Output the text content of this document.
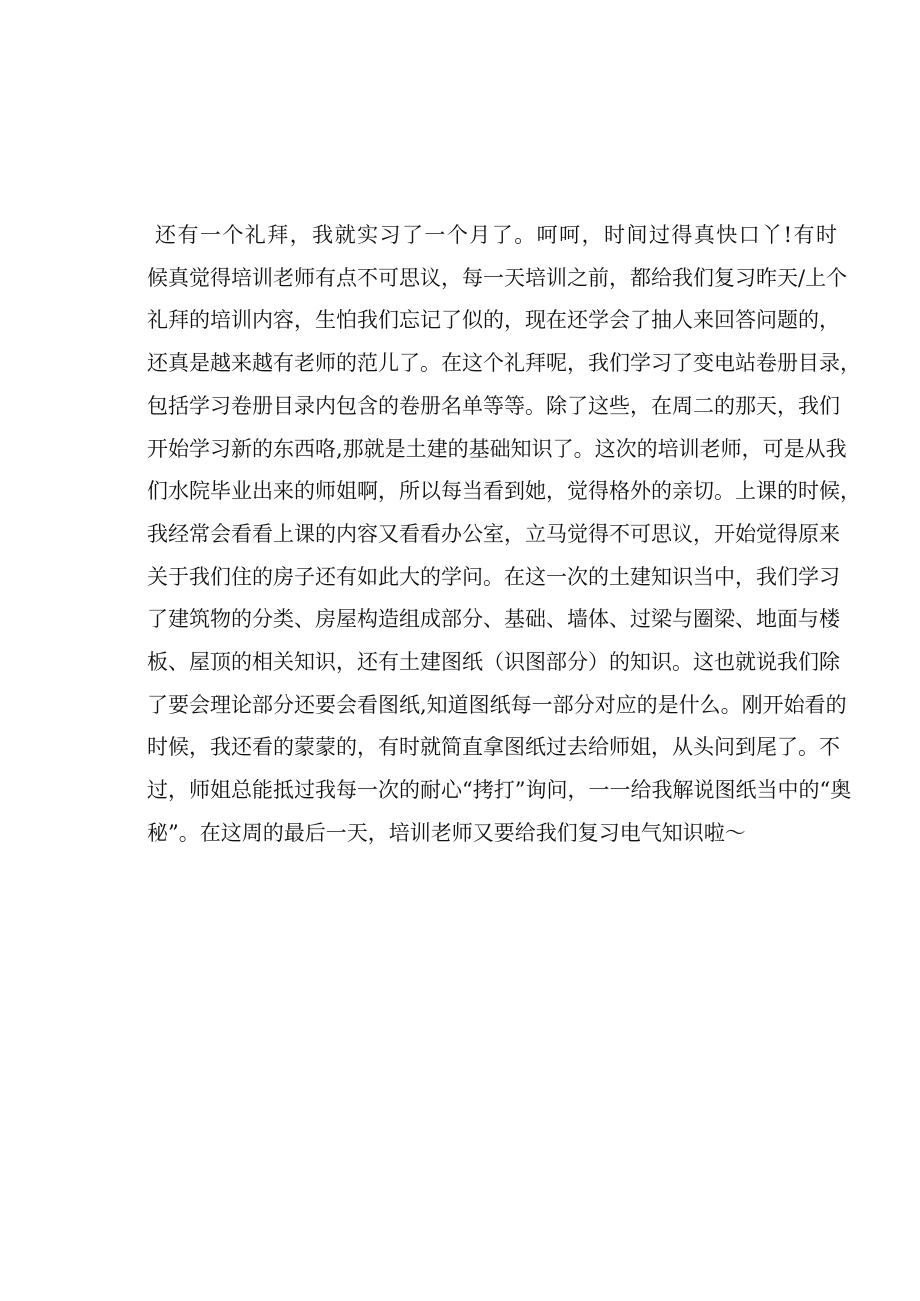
还有一个礼拜，我就实习了一个月了。呵呵，时间过得真快口丫!有时
候真觉得培训老师有点不可思议，每一天培训之前，都给我们复习昨天/上个
礼拜的培训内容，生怕我们忘记了似的，现在还学会了抽人来回答问题的，
还真是越来越有老师的范儿了。在这个礼拜呢，我们学习了变电站卷册目录，
包括学习卷册目录内包含的卷册名单等等。除了这些，在周二的那天，我们
开始学习新的东西咯,那就是土建的基础知识了。这次的培训老师，可是从我
们水院毕业出来的师姐啊，所以每当看到她，觉得格外的亲切。上课的时候，
我经常会看看上课的内容又看看办公室，立马觉得不可思议，开始觉得原来
关于我们住的房子还有如此大的学问。在这一次的土建知识当中，我们学习
了建筑物的分类、房屋构造组成部分、基础、墙体、过梁与圈梁、地面与楼
板、屋顶的相关知识，还有土建图纸（识图部分）的知识。这也就说我们除
了要会理论部分还要会看图纸,知道图纸每一部分对应的是什么。刚开始看的
时候，我还看的蒙蒙的，有时就简直拿图纸过去给师姐，从头问到尾了。不
过，师姐总能抵过我每一次的耐心“拷打”询问，一一给我解说图纸当中的“奥
秘”。在这周的最后一天，培训老师又要给我们复习电气知识啦～
